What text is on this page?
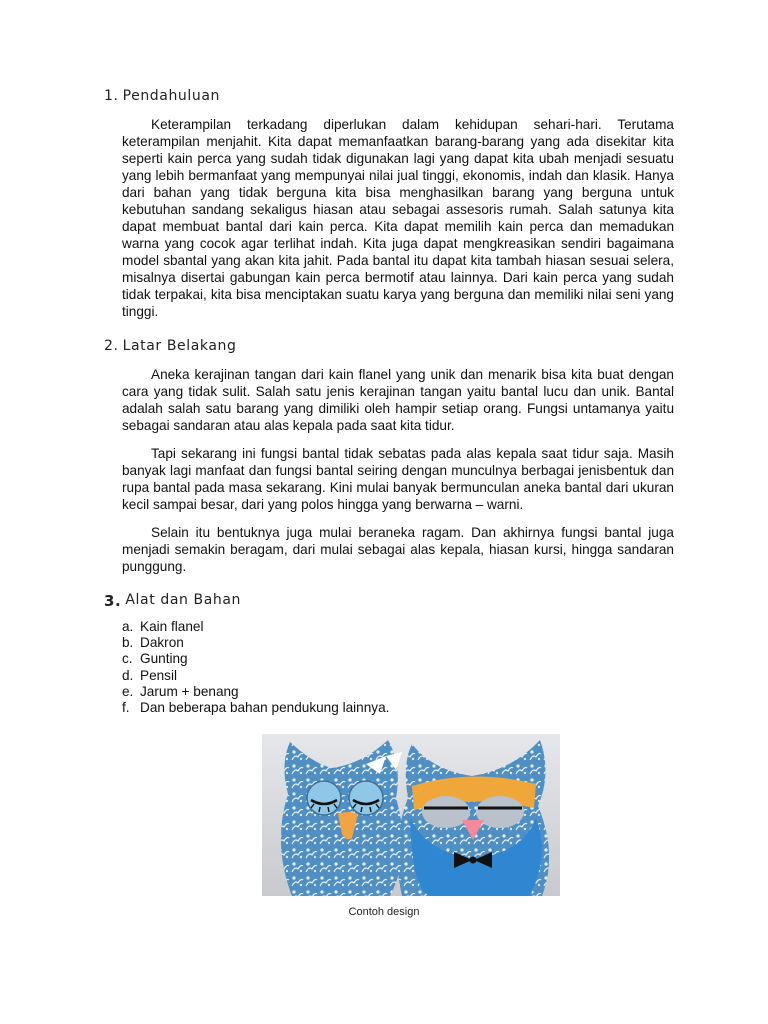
1. Pendahuluan
Keterampilan terkadang diperlukan dalam kehidupan sehari-hari. Terutama keterampilan menjahit. Kita dapat memanfaatkan barang-barang yang ada disekitar kita seperti kain perca yang sudah tidak digunakan lagi yang dapat kita ubah menjadi sesuatu yang lebih bermanfaat yang mempunyai nilai jual tinggi, ekonomis, indah dan klasik. Hanya dari bahan yang tidak berguna kita bisa menghasilkan barang yang berguna untuk kebutuhan sandang sekaligus hiasan atau sebagai assesoris rumah. Salah satunya kita dapat membuat bantal dari kain perca. Kita dapat memilih kain perca dan memadukan warna yang cocok agar terlihat indah. Kita juga dapat mengkreasikan sendiri bagaimana model sbantal yang akan kita jahit. Pada bantal itu dapat kita tambah hiasan sesuai selera, misalnya disertai gabungan kain perca bermotif atau lainnya. Dari kain perca yang sudah tidak terpakai, kita bisa menciptakan suatu karya yang berguna dan memiliki nilai seni yang tinggi.
2. Latar Belakang
Aneka kerajinan tangan dari kain flanel yang unik dan menarik bisa kita buat dengan cara yang tidak sulit. Salah satu jenis kerajinan tangan yaitu bantal lucu dan unik. Bantal adalah salah satu barang yang dimiliki oleh hampir setiap orang. Fungsi untamanya yaitu sebagai sandaran atau alas kepala pada saat kita tidur.
Tapi sekarang ini fungsi bantal tidak sebatas pada alas kepala saat tidur saja. Masih banyak lagi manfaat dan fungsi bantal seiring dengan munculnya berbagai jenisbentuk dan rupa bantal pada masa sekarang. Kini mulai banyak bermunculan aneka bantal dari ukuran kecil sampai besar, dari yang polos hingga yang berwarna – warni.
Selain itu bentuknya juga mulai beraneka ragam. Dan akhirnya fungsi bantal juga menjadi semakin beragam, dari mulai sebagai alas kepala, hiasan kursi, hingga sandaran punggung.
3. Alat dan Bahan
a. Kain flanel
b. Dakron
c. Gunting
d. Pensil
e. Jarum + benang
f. Dan beberapa bahan pendukung lainnya.
Contoh design
